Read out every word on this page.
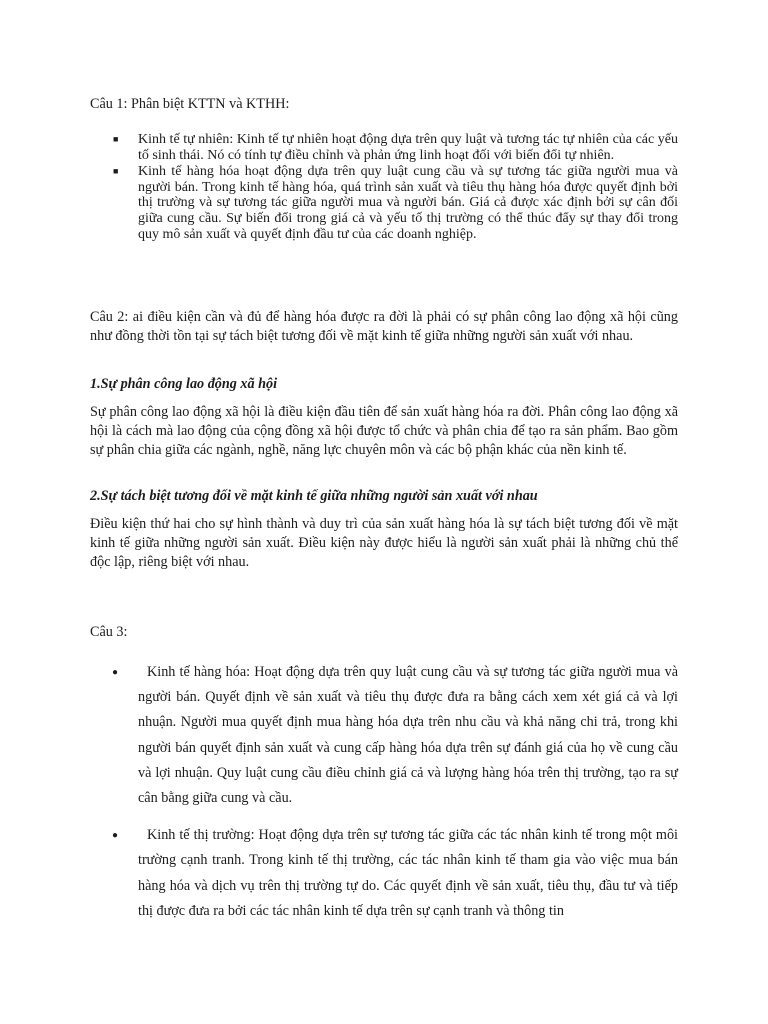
Câu 1: Phân biệt KTTN và KTHH:

■ Kinh tế tự nhiên: Kinh tế tự nhiên hoạt động dựa trên quy luật và tương tác tự nhiên của các yếu tố sinh thái. Nó có tính tự điều chỉnh và phản ứng linh hoạt đối với biến đổi tự nhiên.
■ Kinh tế hàng hóa hoạt động dựa trên quy luật cung cầu và sự tương tác giữa người mua và người bán. Trong kinh tế hàng hóa, quá trình sản xuất và tiêu thụ hàng hóa được quyết định bởi thị trường và sự tương tác giữa người mua và người bán. Giá cả được xác định bởi sự cân đối giữa cung cầu. Sự biến đổi trong giá cả và yếu tố thị trường có thể thúc đẩy sự thay đổi trong quy mô sản xuất và quyết định đầu tư của các doanh nghiệp.

Câu 2: ai điều kiện cần và đủ để hàng hóa được ra đời là phải có sự phân công lao động xã hội cũng như đồng thời tồn tại sự tách biệt tương đối về mặt kinh tế giữa những người sản xuất với nhau.

1.Sự phân công lao động xã hội

Sự phân công lao động xã hội là điều kiện đầu tiên để sản xuất hàng hóa ra đời. Phân công lao động xã hội là cách mà lao động của cộng đồng xã hội được tổ chức và phân chia để tạo ra sản phẩm. Bao gồm sự phân chia giữa các ngành, nghề, năng lực chuyên môn và các bộ phận khác của nền kinh tế.

2.Sự tách biệt tương đối về mặt kinh tế giữa những người sản xuất với nhau

Điều kiện thứ hai cho sự hình thành và duy trì của sản xuất hàng hóa là sự tách biệt tương đối về mặt kinh tế giữa những người sản xuất. Điều kiện này được hiểu là người sản xuất phải là những chủ thể độc lập, riêng biệt với nhau.

Câu 3:

● Kinh tế hàng hóa: Hoạt động dựa trên quy luật cung cầu và sự tương tác giữa người mua và người bán. Quyết định về sản xuất và tiêu thụ được đưa ra bằng cách xem xét giá cả và lợi nhuận. Người mua quyết định mua hàng hóa dựa trên nhu cầu và khả năng chi trả, trong khi người bán quyết định sản xuất và cung cấp hàng hóa dựa trên sự đánh giá của họ về cung cầu và lợi nhuận. Quy luật cung cầu điều chỉnh giá cả và lượng hàng hóa trên thị trường, tạo ra sự cân bằng giữa cung và cầu.
● Kinh tế thị trường: Hoạt động dựa trên sự tương tác giữa các tác nhân kinh tế trong một môi trường cạnh tranh. Trong kinh tế thị trường, các tác nhân kinh tế tham gia vào việc mua bán hàng hóa và dịch vụ trên thị trường tự do. Các quyết định về sản xuất, tiêu thụ, đầu tư và tiếp thị được đưa ra bởi các tác nhân kinh tế dựa trên sự cạnh tranh và thông tin
